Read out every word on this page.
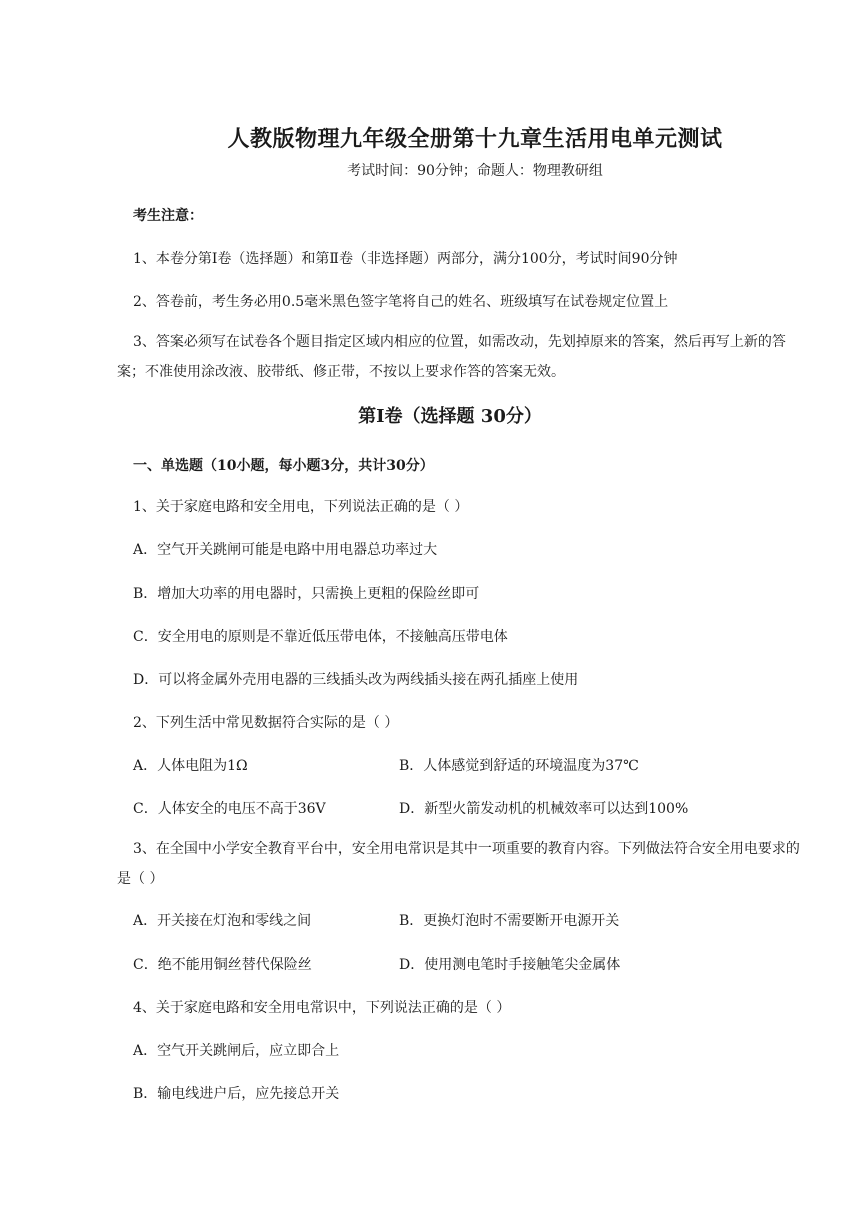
人教版物理九年级全册第十九章生活用电单元测试
考试时间：90分钟；命题人：物理教研组
考生注意：
1、本卷分第Ⅰ卷（选择题）和第Ⅱ卷（非选择题）两部分，满分100分，考试时间90分钟
2、答卷前，考生务必用0.5毫米黑色签字笔将自己的姓名、班级填写在试卷规定位置上
3、答案必须写在试卷各个题目指定区域内相应的位置，如需改动，先划掉原来的答案，然后再写上新的答案；不准使用涂改液、胶带纸、修正带，不按以上要求作答的答案无效。
第Ⅰ卷（选择题 30分）
一、单选题（10小题，每小题3分，共计30分）
1、关于家庭电路和安全用电，下列说法正确的是（ ）
A．空气开关跳闸可能是电路中用电器总功率过大
B．增加大功率的用电器时，只需换上更粗的保险丝即可
C．安全用电的原则是不靠近低压带电体，不接触高压带电体
D．可以将金属外壳用电器的三线插头改为两线插头接在两孔插座上使用
2、下列生活中常见数据符合实际的是（ ）
A．人体电阻为1Ω	B．人体感觉到舒适的环境温度为37℃
C．人体安全的电压不高于36V	D．新型火箭发动机的机械效率可以达到100%
3、在全国中小学安全教育平台中，安全用电常识是其中一项重要的教育内容。下列做法符合安全用电要求的是（ ）
A．开关接在灯泡和零线之间	B．更换灯泡时不需要断开电源开关
C．绝不能用铜丝替代保险丝	D．使用测电笔时手接触笔尖金属体
4、关于家庭电路和安全用电常识中，下列说法正确的是（ ）
A．空气开关跳闸后，应立即合上
B．输电线进户后，应先接总开关
